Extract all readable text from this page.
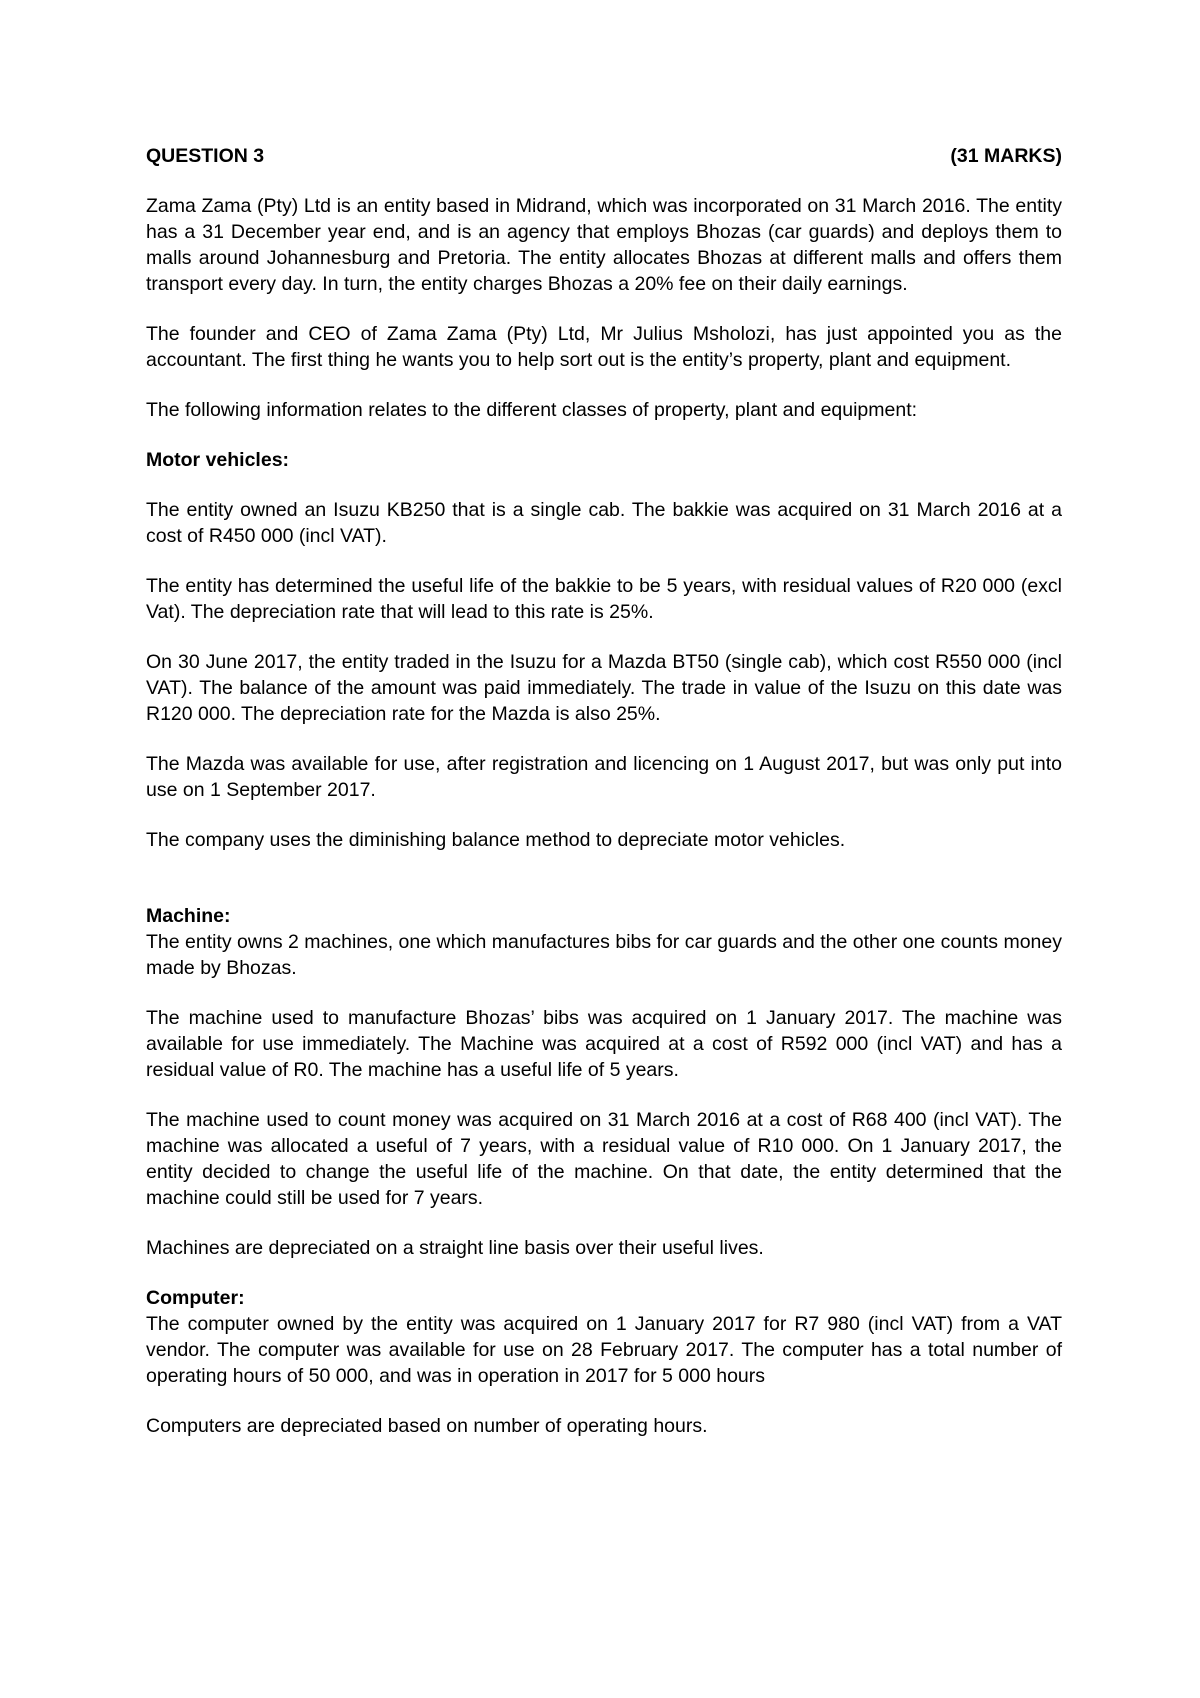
QUESTION 3	(31 MARKS)

Zama Zama (Pty) Ltd is an entity based in Midrand, which was incorporated on 31 March 2016. The entity has a 31 December year end, and is an agency that employs Bhozas (car guards) and deploys them to malls around Johannesburg and Pretoria. The entity allocates Bhozas at different malls and offers them transport every day. In turn, the entity charges Bhozas a 20% fee on their daily earnings.

The founder and CEO of Zama Zama (Pty) Ltd, Mr Julius Msholozi, has just appointed you as the accountant. The first thing he wants you to help sort out is the entity’s property, plant and equipment.

The following information relates to the different classes of property, plant and equipment:

Motor vehicles:

The entity owned an Isuzu KB250 that is a single cab. The bakkie was acquired on 31 March 2016 at a cost of R450 000 (incl VAT).

The entity has determined the useful life of the bakkie to be 5 years, with residual values of R20 000 (excl Vat). The depreciation rate that will lead to this rate is 25%.

On 30 June 2017, the entity traded in the Isuzu for a Mazda BT50 (single cab), which cost R550 000 (incl VAT). The balance of the amount was paid immediately. The trade in value of the Isuzu on this date was R120 000. The depreciation rate for the Mazda is also 25%.

The Mazda was available for use, after registration and licencing on 1 August 2017, but was only put into use on 1 September 2017.

The company uses the diminishing balance method to depreciate motor vehicles.

Machine:

The entity owns 2 machines, one which manufactures bibs for car guards and the other one counts money made by Bhozas.

The machine used to manufacture Bhozas’ bibs was acquired on 1 January 2017. The machine was available for use immediately. The Machine was acquired at a cost of R592 000 (incl VAT) and has a residual value of R0. The machine has a useful life of 5 years.

The machine used to count money was acquired on 31 March 2016 at a cost of R68 400 (incl VAT). The machine was allocated a useful of 7 years, with a residual value of R10 000. On 1 January 2017, the entity decided to change the useful life of the machine. On that date, the entity determined that the machine could still be used for 7 years.

Machines are depreciated on a straight line basis over their useful lives.

Computer:

The computer owned by the entity was acquired on 1 January 2017 for R7 980 (incl VAT) from a VAT vendor. The computer was available for use on 28 February 2017. The computer has a total number of operating hours of 50 000, and was in operation in 2017 for 5 000 hours

Computers are depreciated based on number of operating hours.
